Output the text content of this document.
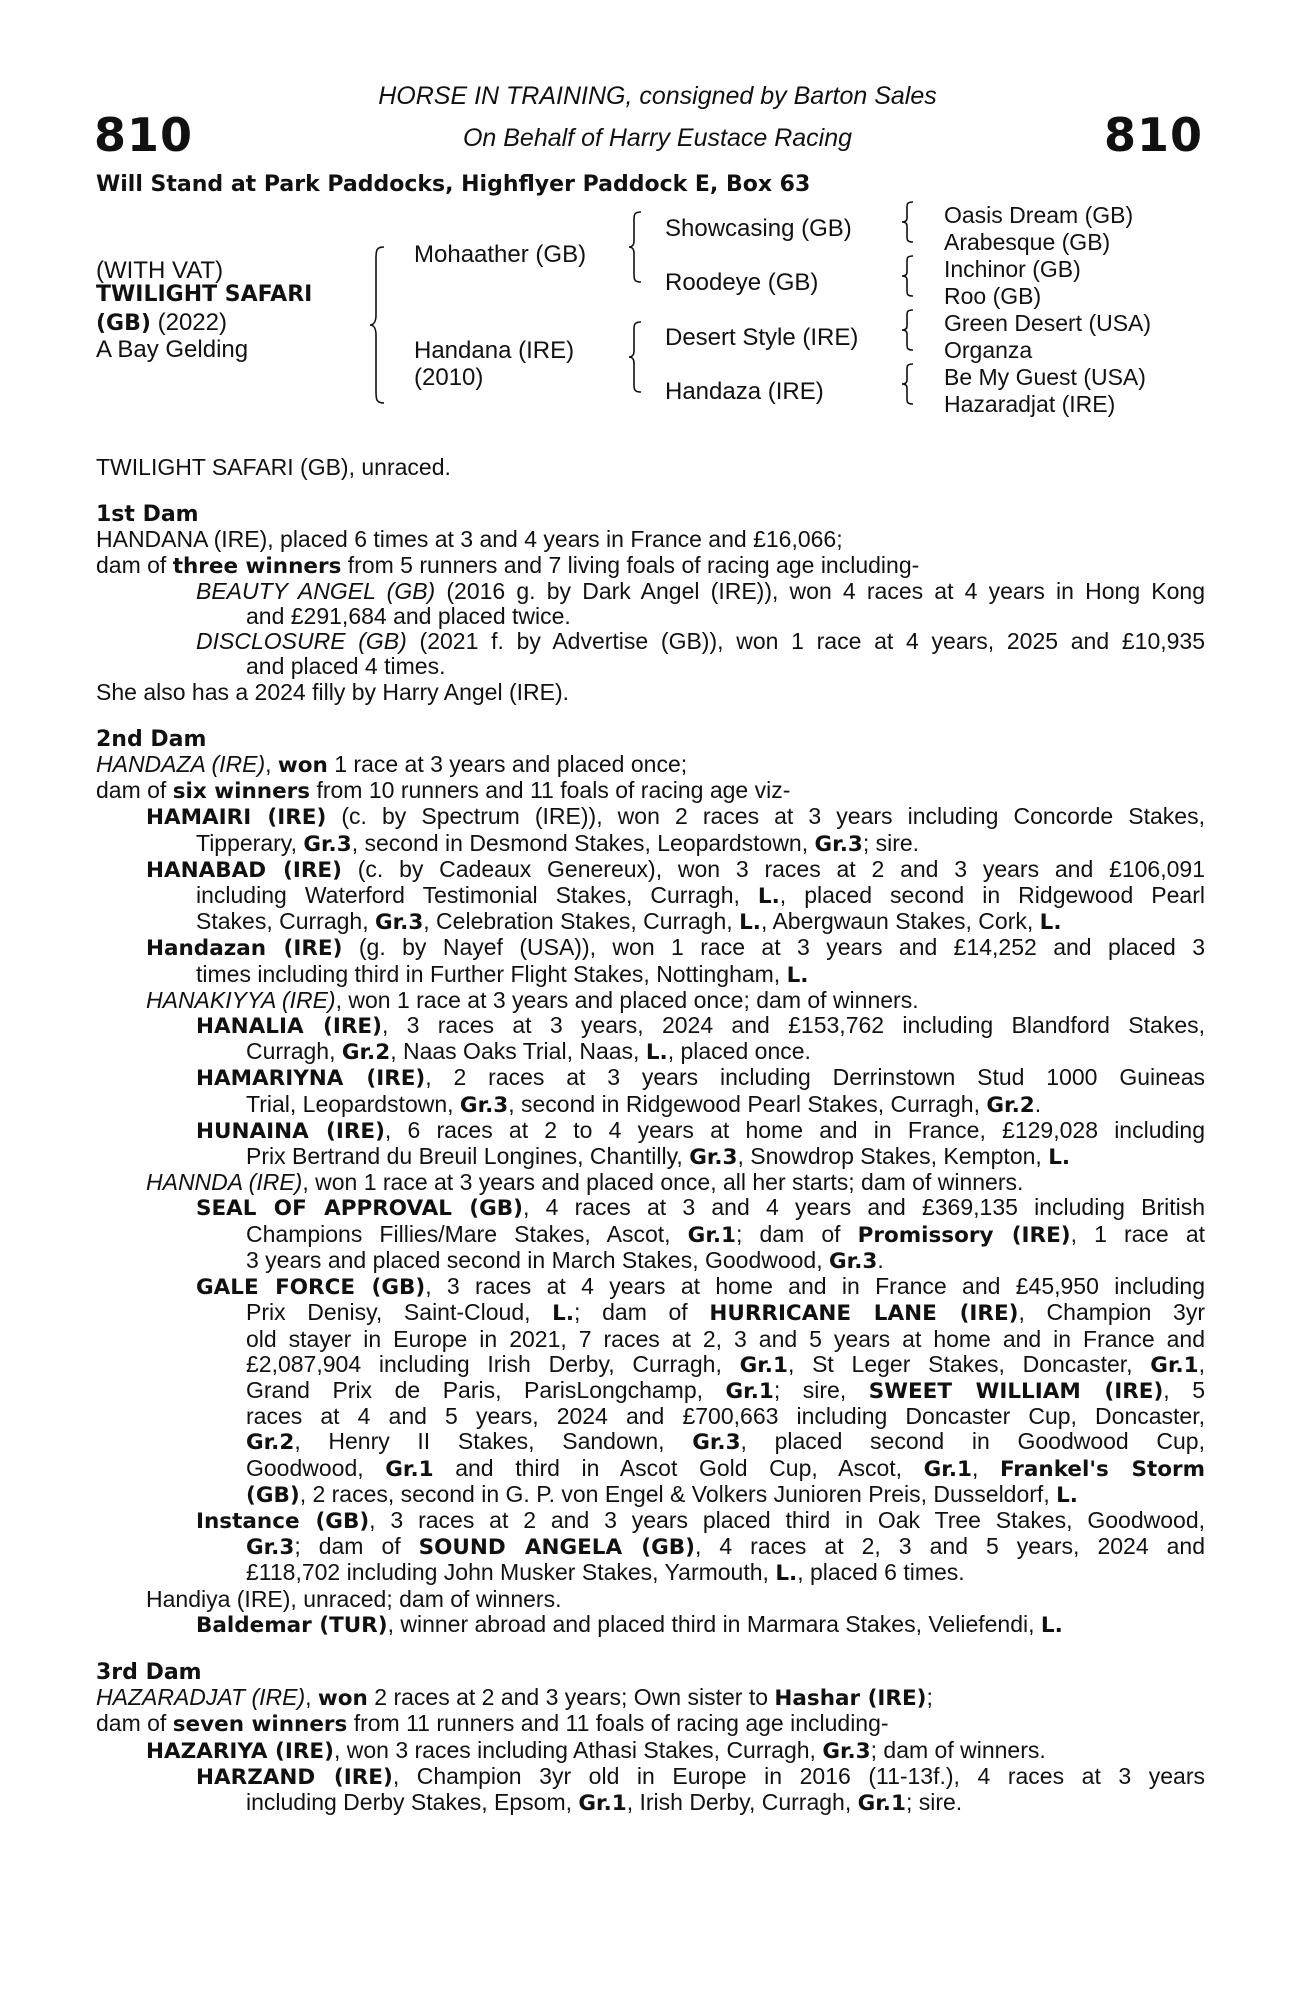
810	810
HORSE IN TRAINING, consigned by Barton Sales
On Behalf of Harry Eustace Racing
Will Stand at Park Paddocks, Highflyer Paddock E, Box 63
(WITH VAT)
TWILIGHT SAFARI
(GB) (2022)
A Bay Gelding
Mohaather (GB)
Handana (IRE)
(2010)
Showcasing (GB)
Roodeye (GB)
Desert Style (IRE)
Handaza (IRE)
Oasis Dream (GB)
Arabesque (GB)
Inchinor (GB)
Roo (GB)
Green Desert (USA)
Organza
Be My Guest (USA)
Hazaradjat (IRE)
TWILIGHT SAFARI (GB), unraced.
1st Dam
HANDANA (IRE), placed 6 times at 3 and 4 years in France and £16,066;
dam of three winners from 5 runners and 7 living foals of racing age including-
BEAUTY ANGEL (GB) (2016 g. by Dark Angel (IRE)), won 4 races at 4 years in Hong Kong
and £291,684 and placed twice.
DISCLOSURE (GB) (2021 f. by Advertise (GB)), won 1 race at 4 years, 2025 and £10,935
and placed 4 times.
She also has a 2024 filly by Harry Angel (IRE).
2nd Dam
HANDAZA (IRE), won 1 race at 3 years and placed once;
dam of six winners from 10 runners and 11 foals of racing age viz-
HAMAIRI (IRE) (c. by Spectrum (IRE)), won 2 races at 3 years including Concorde Stakes,
Tipperary, Gr.3, second in Desmond Stakes, Leopardstown, Gr.3; sire.
HANABAD (IRE) (c. by Cadeaux Genereux), won 3 races at 2 and 3 years and £106,091
including Waterford Testimonial Stakes, Curragh, L., placed second in Ridgewood Pearl
Stakes, Curragh, Gr.3, Celebration Stakes, Curragh, L., Abergwaun Stakes, Cork, L.
Handazan (IRE) (g. by Nayef (USA)), won 1 race at 3 years and £14,252 and placed 3
times including third in Further Flight Stakes, Nottingham, L.
HANAKIYYA (IRE), won 1 race at 3 years and placed once; dam of winners.
HANALIA (IRE), 3 races at 3 years, 2024 and £153,762 including Blandford Stakes,
Curragh, Gr.2, Naas Oaks Trial, Naas, L., placed once.
HAMARIYNA (IRE), 2 races at 3 years including Derrinstown Stud 1000 Guineas
Trial, Leopardstown, Gr.3, second in Ridgewood Pearl Stakes, Curragh, Gr.2.
HUNAINA (IRE), 6 races at 2 to 4 years at home and in France, £129,028 including
Prix Bertrand du Breuil Longines, Chantilly, Gr.3, Snowdrop Stakes, Kempton, L.
HANNDA (IRE), won 1 race at 3 years and placed once, all her starts; dam of winners.
SEAL OF APPROVAL (GB), 4 races at 3 and 4 years and £369,135 including British
Champions Fillies/Mare Stakes, Ascot, Gr.1; dam of Promissory (IRE), 1 race at
3 years and placed second in March Stakes, Goodwood, Gr.3.
GALE FORCE (GB), 3 races at 4 years at home and in France and £45,950 including
Prix Denisy, Saint-Cloud, L.; dam of HURRICANE LANE (IRE), Champion 3yr
old stayer in Europe in 2021, 7 races at 2, 3 and 5 years at home and in France and
£2,087,904 including Irish Derby, Curragh, Gr.1, St Leger Stakes, Doncaster, Gr.1,
Grand Prix de Paris, ParisLongchamp, Gr.1; sire, SWEET WILLIAM (IRE), 5
races at 4 and 5 years, 2024 and £700,663 including Doncaster Cup, Doncaster,
Gr.2, Henry II Stakes, Sandown, Gr.3, placed second in Goodwood Cup,
Goodwood, Gr.1 and third in Ascot Gold Cup, Ascot, Gr.1, Frankel's Storm
(GB), 2 races, second in G. P. von Engel & Volkers Junioren Preis, Dusseldorf, L.
Instance (GB), 3 races at 2 and 3 years placed third in Oak Tree Stakes, Goodwood,
Gr.3; dam of SOUND ANGELA (GB), 4 races at 2, 3 and 5 years, 2024 and
£118,702 including John Musker Stakes, Yarmouth, L., placed 6 times.
Handiya (IRE), unraced; dam of winners.
Baldemar (TUR), winner abroad and placed third in Marmara Stakes, Veliefendi, L.
3rd Dam
HAZARADJAT (IRE), won 2 races at 2 and 3 years; Own sister to Hashar (IRE);
dam of seven winners from 11 runners and 11 foals of racing age including-
HAZARIYA (IRE), won 3 races including Athasi Stakes, Curragh, Gr.3; dam of winners.
HARZAND (IRE), Champion 3yr old in Europe in 2016 (11-13f.), 4 races at 3 years
including Derby Stakes, Epsom, Gr.1, Irish Derby, Curragh, Gr.1; sire.
